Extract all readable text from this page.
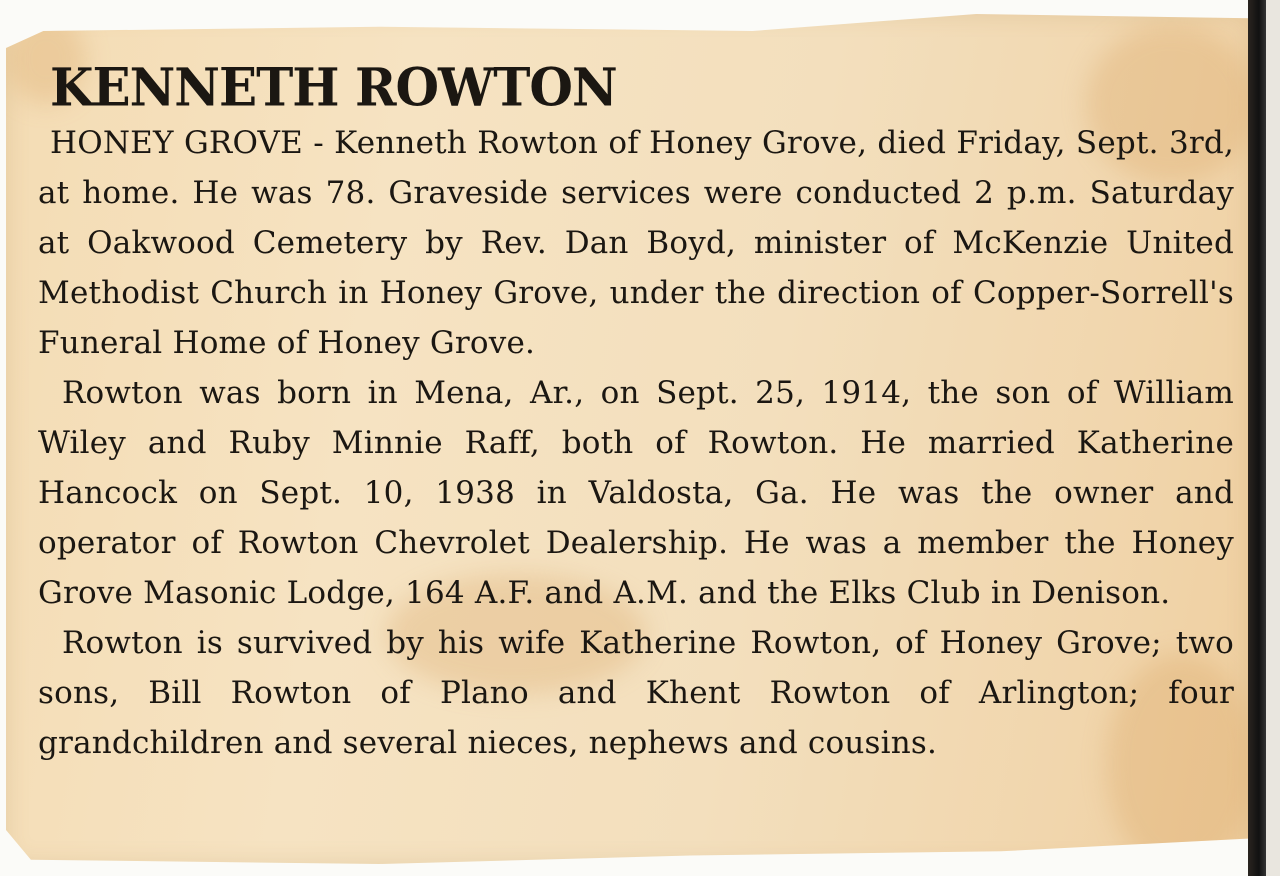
KENNETH ROWTON

HONEY GROVE - Kenneth Rowton of Honey Grove, died Friday, Sept. 3rd, at home. He was 78. Graveside services were conducted 2 p.m. Saturday at Oakwood Cemetery by Rev. Dan Boyd, minister of McKenzie United Methodist Church in Honey Grove, under the direction of Copper-Sorrell's Funeral Home of Honey Grove.

Rowton was born in Mena, Ar., on Sept. 25, 1914, the son of William Wiley and Ruby Minnie Raff, both of Rowton. He married Katherine Hancock on Sept. 10, 1938 in Valdosta, Ga. He was the owner and operator of Rowton Chevrolet Dealership. He was a member the Honey Grove Masonic Lodge, 164 A.F. and A.M. and the Elks Club in Denison.

Rowton is survived by his wife Katherine Rowton, of Honey Grove; two sons, Bill Rowton of Plano and Khent Rowton of Arlington; four grandchildren and several nieces, nephews and cousins.
